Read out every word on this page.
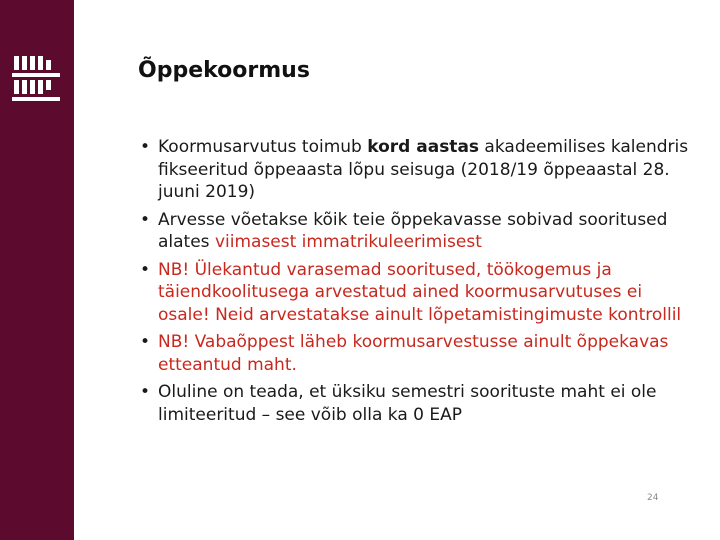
Õppekoormus
• Koormusarvutus toimub kord aastas akadeemilises kalendris fikseeritud õppeaasta lõpu seisuga (2018/19 õppeaastal 28. juuni 2019)
• Arvesse võetakse kõik teie õppekavasse sobivad sooritused alates viimasest immatrikuleerimisest
• NB! Ülekantud varasemad sooritused, töökogemus ja täiendkoolitusega arvestatud ained koormusarvutuses ei osale! Neid arvestatakse ainult lõpetamistingimuste kontrollil
• NB! Vabaõppest läheb koormusarvestusse ainult õppekavas etteantud maht.
• Oluline on teada, et üksiku semestri soorituste maht ei ole limiteeritud – see võib olla ka 0 EAP
24
